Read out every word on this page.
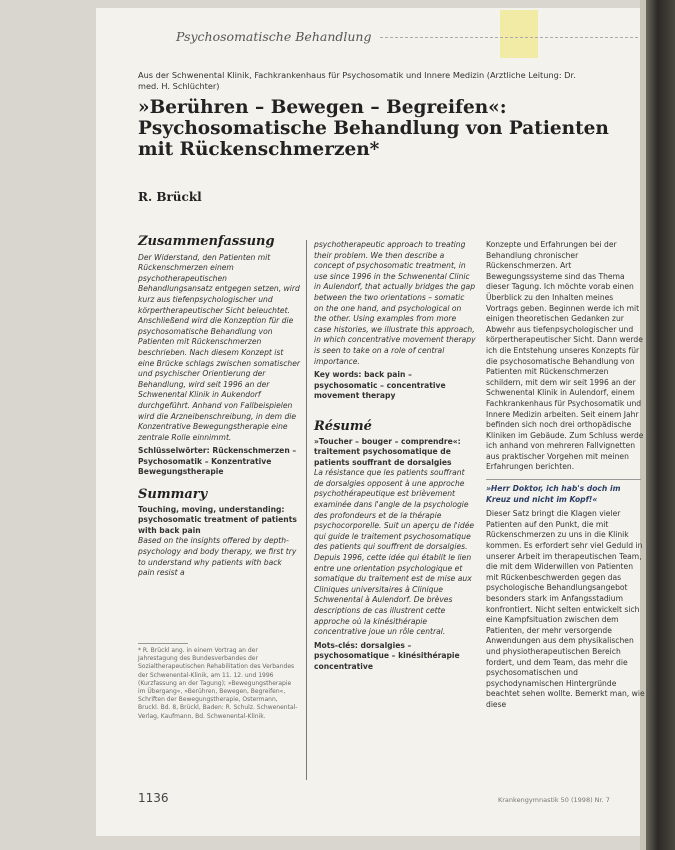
Psychosomatische Behandlung
Aus der Schwenental Klinik, Fachkrankenhaus für Psychosomatik und Innere Medizin (Arztliche Leitung: Dr. med. H. Schlüchter)
»Berühren – Bewegen – Begreifen«: Psychosomatische Behandlung von Patienten mit Rückenschmerzen*
R. Brückl
Zusammenfassung
Der Widerstand, den Patienten mit Rückenschmerzen einem psychotherapeutischen Behandlungsansatz entgegen setzen, wird kurz aus tiefenpsychologischer und körpertherapeutischer Sicht beleuchtet. Anschließend wird die Konzeption für die psychosomatische Behandlung von Patienten mit Rückenschmerzen beschrieben. Nach diesem Konzept ist eine Brücke schlags zwischen somatischer und psychischer Orientierung der Behandlung, wird seit 1996 an der Schwenental Klinik in Aukendorf durchgeführt. Anhand von Fallbeispielen wird die Arzneibenschreibung, in dem die Konzentrative Bewegungstherapie eine zentrale Rolle einnimmt.
Schlüsselwörter: Rückenschmerzen – Psychosomatik – Konzentrative Bewegungstherapie
Summary
Touching, moving, understanding: psychosomatic treatment of patients with back pain
Based on the insights offered by depth-psychology and body therapy, we first try to understand why patients with back pain resist a
* R. Brückl ang. in einem Vortrag an der Jahrestagung des Bundesverbandes der Sozialtherapeutischen Rehabilitation des Verbandes der Schwenental-Klinik, am 11. 12. und 1996 (Kurzfassung an der Tagung); »Bewegungstherapie im Übergang«, »Berühren, Bewegen, Begreifen«, Schriften der Bewegungstherapie, Ostermann, Bruckl. Bd. 8, Brückl, Baden: R. Schulz. Schwenental-Verlag, Kaufmann, Bd. Schwenental-Klinik.
psychotherapeutic approach to treating their problem. We then describe a concept of psychosomatic treatment, in use since 1996 in the Schwenental Clinic in Aulendorf, that actually bridges the gap between the two orientations – somatic on the one hand, and psychological on the other. Using examples from more case histories, we illustrate this approach, in which concentrative movement therapy is seen to take on a role of central importance.
Key words: back pain – psychosomatic – concentrative movement therapy
Résumé
»Toucher – bouger – comprendre«: traitement psychosomatique de patients souffrant de dorsalgies
La résistance que les patients souffrant de dorsalgies opposent à une approche psychothérapeutique est brièvement examinée dans l'angle de la psychologie des profondeurs et de la thérapie psychocorporelle. Suit un aperçu de l'idée qui guide le traitement psychosomatique des patients qui souffrent de dorsalgies. Depuis 1996, cette idée qui établit le lien entre une orientation psychologique et somatique du traitement est de mise aux Cliniques universitaires à Clinique Schwenental à Aulendorf. De brèves descriptions de cas illustrent cette approche où la kinésithérapie concentrative joue un rôle central.
Mots-clés: dorsalgies – psychosomatique – kinésithérapie concentrative
Konzepte und Erfahrungen bei der Behandlung chronischer Rückenschmerzen. Art Bewegungssysteme sind das Thema dieser Tagung. Ich möchte vorab einen Überblick zu den Inhalten meines Vortrags geben. Beginnen werde ich mit einigen theoretischen Gedanken zur Abwehr aus tiefenpsychologischer und körpertherapeutischer Sicht. Dann werde ich die Entstehung unseres Konzepts für die psychosomatische Behandlung von Patienten mit Rückenschmerzen schildern, mit dem wir seit 1996 an der Schwenental Klinik in Aulendorf, einem Fachkrankenhaus für Psychosomatik und Innere Medizin arbeiten. Seit einem Jahr befinden sich noch drei orthopädische Kliniken im Gebäude. Zum Schluss werde ich anhand von mehreren Fallvignetten aus praktischer Vorgehen mit meinen Erfahrungen berichten.
»Herr Doktor, ich hab's doch im Kreuz und nicht im Kopf!«
Dieser Satz bringt die Klagen vieler Patienten auf den Punkt, die mit Rückenschmerzen zu uns in die Klinik kommen. Es erfordert sehr viel Geduld in unserer Arbeit im therapeutischen Team, die mit dem Widerwillen von Patienten mit Rückenbeschwerden gegen das psychologische Behandlungsangebot besonders stark im Anfangsstadium konfrontiert. Nicht selten entwickelt sich eine Kampfsituation zwischen dem Patienten, der mehr versorgende Anwendungen aus dem physikalischen und physiotherapeutischen Bereich fordert, und dem Team, das mehr die psychosomatischen und psychodynamischen Hintergründe beachtet sehen wollte. Bemerkt man, wie diese
1136	Krankengymnastik 50 (1998) Nr. 7
